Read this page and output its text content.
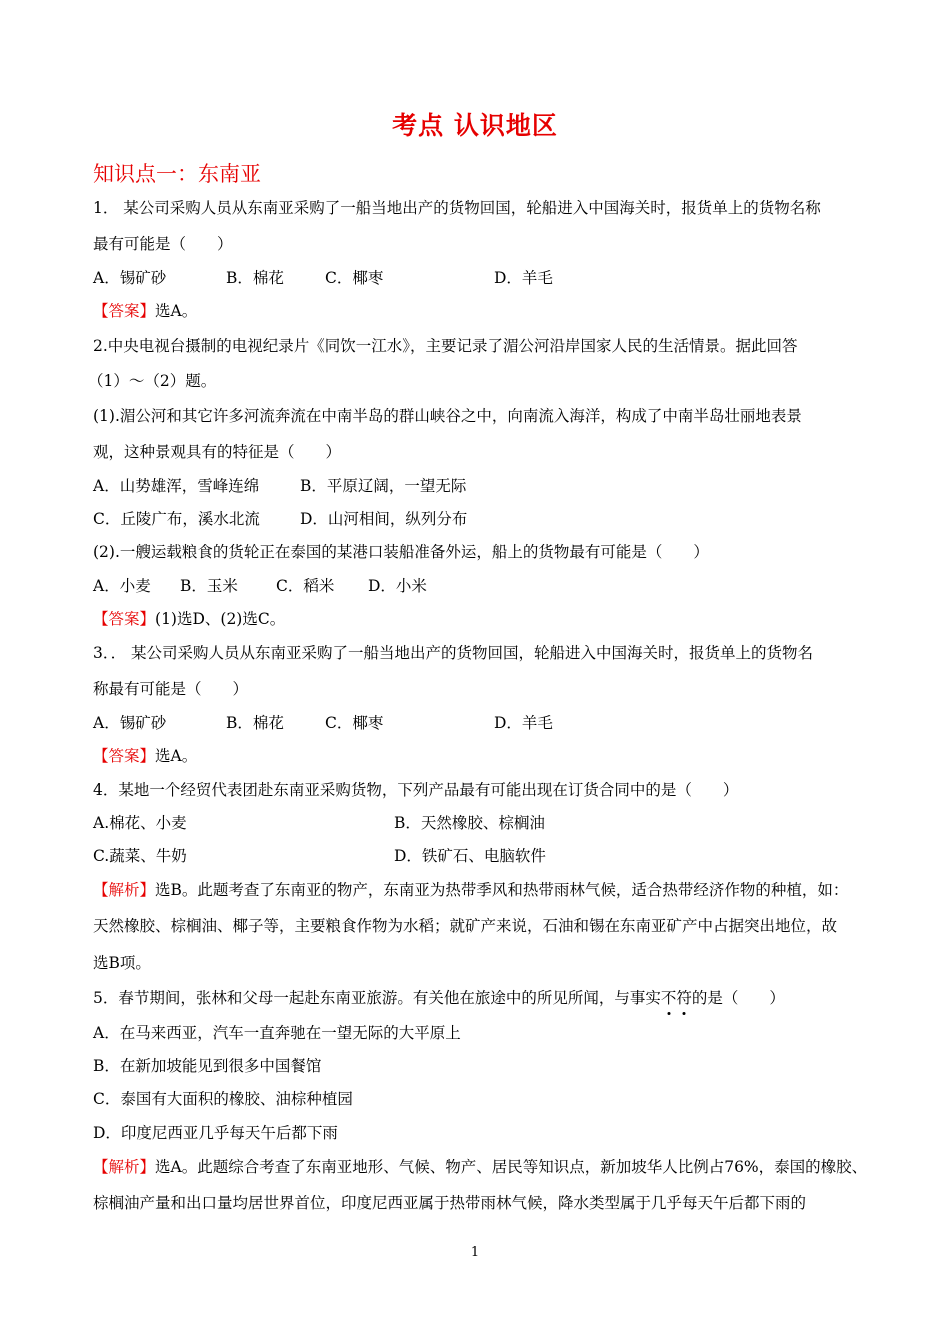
考点 认识地区
知识点一：东南亚
1． 某公司采购人员从东南亚采购了一船当地出产的货物回国，轮船进入中国海关时，报货单上的货物名称
最有可能是（　　）
A．锡矿砂	B．棉花	C．椰枣	D．羊毛
【答案】选A。
2.中央电视台摄制的电视纪录片《同饮一江水》，主要记录了湄公河沿岸国家人民的生活情景。据此回答
（1）～（2）题。
(1).湄公河和其它许多河流奔流在中南半岛的群山峡谷之中，向南流入海洋，构成了中南半岛壮丽地表景
观，这种景观具有的特征是（　　）
A．山势雄浑，雪峰连绵	B．平原辽阔，一望无际
C．丘陵广布，溪水北流	D．山河相间，纵列分布
(2).一艘运载粮食的货轮正在泰国的某港口装船准备外运，船上的货物最有可能是（　　）
A．小麦 B．玉米 C．稻米 D．小米
【答案】(1)选D、(2)选C。
3．． 某公司采购人员从东南亚采购了一船当地出产的货物回国，轮船进入中国海关时，报货单上的货物名
称最有可能是（　　）
A．锡矿砂	B．棉花	C．椰枣	D．羊毛
【答案】选A。
4．某地一个经贸代表团赴东南亚采购货物，下列产品最有可能出现在订货合同中的是（　　）
A.棉花、小麦	B．天然橡胶、棕榈油
C.蔬菜、牛奶	D．铁矿石、电脑软件
【解析】选B。此题考查了东南亚的物产，东南亚为热带季风和热带雨林气候，适合热带经济作物的种植，如：
天然橡胶、棕榈油、椰子等，主要粮食作物为水稻；就矿产来说，石油和锡在东南亚矿产中占据突出地位，故
选B项。
5．春节期间，张林和父母一起赴东南亚旅游。有关他在旅途中的所见所闻，与事实不符的是（　　）
A．在马来西亚，汽车一直奔驰在一望无际的大平原上
B．在新加坡能见到很多中国餐馆
C．泰国有大面积的橡胶、油棕种植园
D．印度尼西亚几乎每天午后都下雨
【解析】选A。此题综合考查了东南亚地形、气候、物产、居民等知识点，新加坡华人比例占76%，泰国的橡胶、
棕榈油产量和出口量均居世界首位，印度尼西亚属于热带雨林气候，降水类型属于几乎每天午后都下雨的
1
